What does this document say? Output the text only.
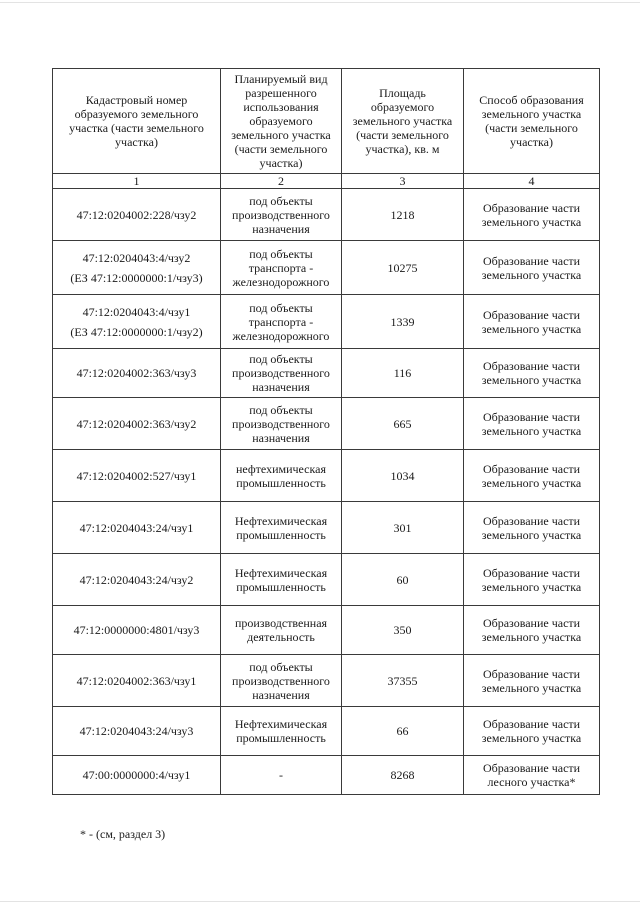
Кадастровый номер образуемого земельного участка (части земельного участка)	Планируемый вид разрешенного использования образуемого земельного участка (части земельного участка)	Площадь образуемого земельного участка (части земельного участка), кв. м	Способ образования земельного участка (части земельного участка)
1	2	3	4

47:12:0204002:228/чзу2	под объекты производственного назначения	1218	Образование части земельного участка

47:12:0204043:4/чзу2
(ЕЗ 47:12:0000000:1/чзу3)	под объекты транспорта - железнодорожного	10275	Образование части земельного участка

47:12:0204043:4/чзу1
(ЕЗ 47:12:0000000:1/чзу2)	под объекты транспорта - железнодорожного	1339	Образование части земельного участка

47:12:0204002:363/чзу3	под объекты производственного назначения	116	Образование части земельного участка

47:12:0204002:363/чзу2	под объекты производственного назначения	665	Образование части земельного участка

47:12:0204002:527/чзу1	нефтехимическая промышленность	1034	Образование части земельного участка

47:12:0204043:24/чзу1	Нефтехимическая промышленность	301	Образование части земельного участка

47:12:0204043:24/чзу2	Нефтехимическая промышленность	60	Образование части земельного участка

47:12:0000000:4801/чзу3	производственная деятельность	350	Образование части земельного участка

47:12:0204002:363/чзу1	под объекты производственного назначения	37355	Образование части земельного участка

47:12:0204043:24/чзу3	Нефтехимическая промышленность	66	Образование части земельного участка

47:00:0000000:4/чзу1	-	8268	Образование части лесного участка*
* - (см, раздел 3)
